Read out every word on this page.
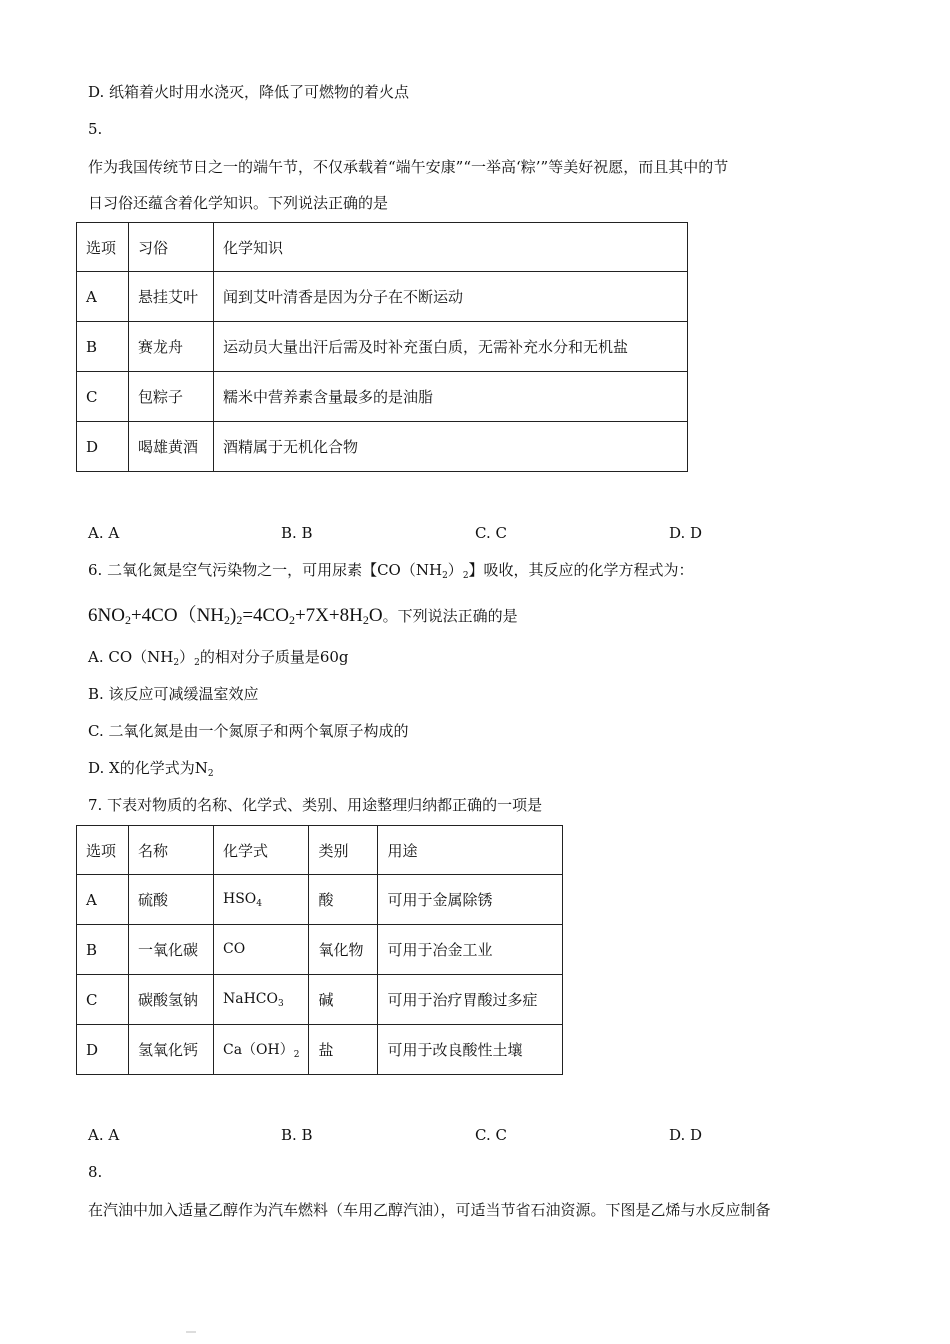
D. 纸箱着火时用水浇灭，降低了可燃物的着火点
5.
作为我国传统节日之一的端午节，不仅承载着“端午安康”“一举高‘粽’”等美好祝愿，而且其中的节
日习俗还蕴含着化学知识。下列说法正确的是
选项	习俗	化学知识
A	悬挂艾叶	闻到艾叶清香是因为分子在不断运动
B	赛龙舟	运动员大量出汗后需及时补充蛋白质，无需补充水分和无机盐
C	包粽子	糯米中营养素含量最多的是油脂
D	喝雄黄酒	酒精属于无机化合物
A. A	B. B	C. C	D. D
6. 二氧化氮是空气污染物之一，可用尿素【$CO(NH_2)_2$】吸收，其反应的化学方程式为：
$6NO_2+4CO(NH_2)_2=4CO_2+7X+8H_2O$。下列说法正确的是
A. $CO(NH_2)_2$的相对分子质量是60g
B. 该反应可减缓温室效应
C. 二氧化氮是由一个氮原子和两个氧原子构成的
D. X的化学式为$N_2$
7. 下表对物质的名称、化学式、类别、用途整理归纳都正确的一项是
选项	名称	化学式	类别	用途
A	硫酸	$HSO_4$	酸	可用于金属除锈
B	一氧化碳	CO	氧化物	可用于冶金工业
C	碳酸氢钠	NaHCO$_3$	碱	可用于治疗胃酸过多症
D	氢氧化钙	$Ca(OH)_2$	盐	可用于改良酸性土壤
A. A	B. B	C. C	D. D
8.
在汽油中加入适量乙醇作为汽车燃料（车用乙醇汽油），可适当节省石油资源。下图是乙烯与水反应制备
